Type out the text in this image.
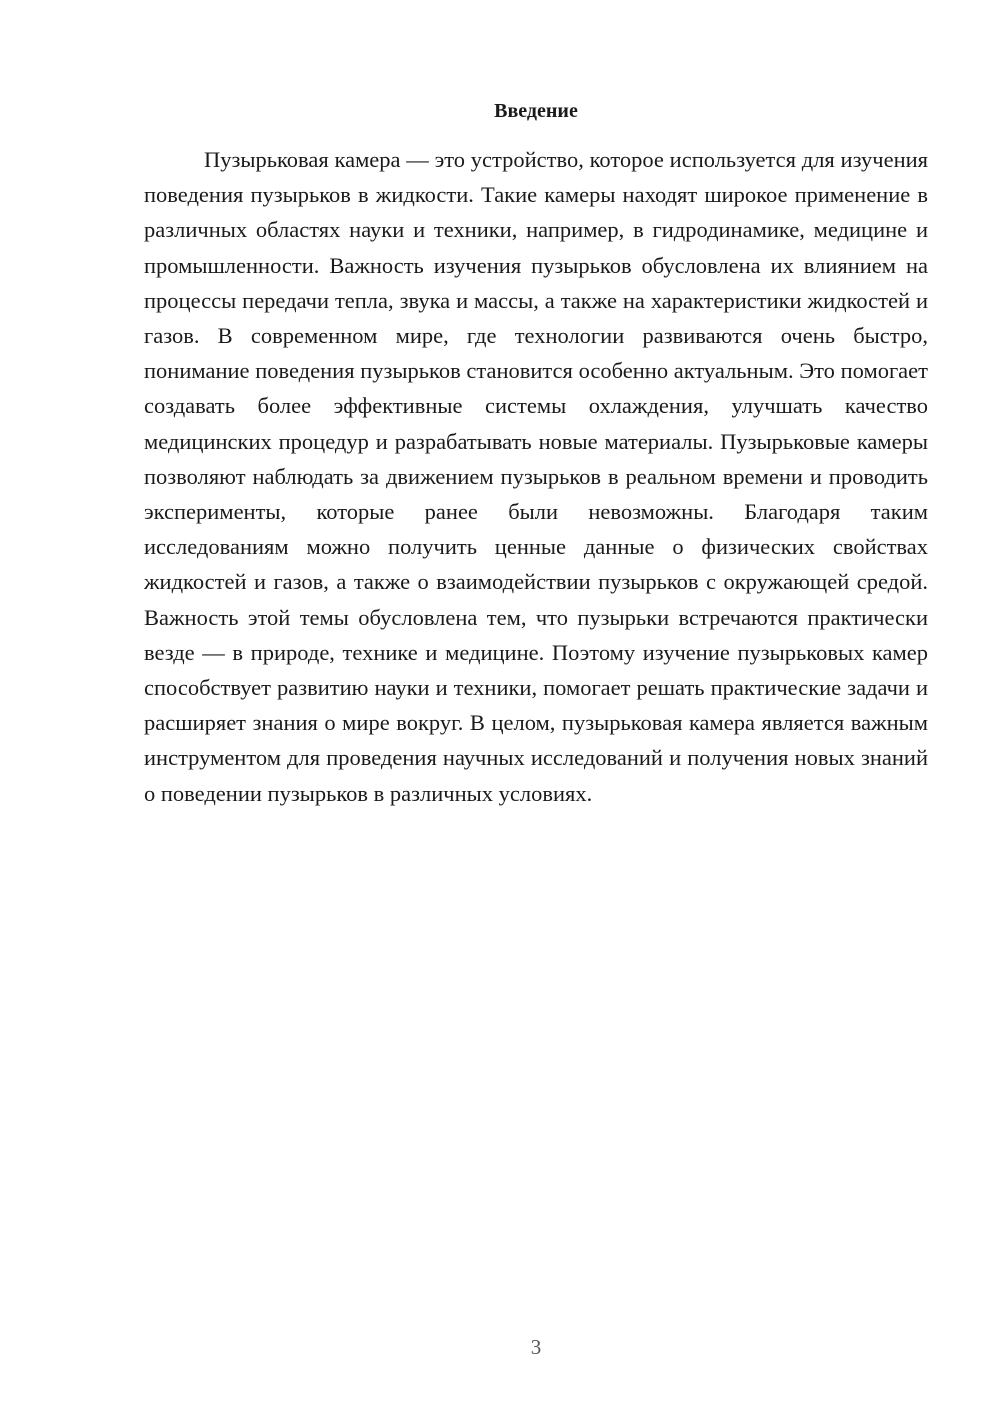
Введение

Пузырьковая камера — это устройство, которое используется для изучения поведения пузырьков в жидкости. Такие камеры находят широкое применение в различных областях науки и техники, например, в гидродинамике, медицине и промышленности. Важность изучения пузырьков обусловлена их влиянием на процессы передачи тепла, звука и массы, а также на характеристики жидкостей и газов. В современном мире, где технологии развиваются очень быстро, понимание поведения пузырьков становится особенно актуальным. Это помогает создавать более эффективные системы охлаждения, улучшать качество медицинских процедур и разрабатывать новые материалы. Пузырьковые камеры позволяют наблюдать за движением пузырьков в реальном времени и проводить эксперименты, которые ранее были невозможны. Благодаря таким исследованиям можно получить ценные данные о физических свойствах жидкостей и газов, а также о взаимодействии пузырьков с окружающей средой. Важность этой темы обусловлена тем, что пузырьки встречаются практически везде — в природе, технике и медицине. Поэтому изучение пузырьковых камер способствует развитию науки и техники, помогает решать практические задачи и расширяет знания о мире вокруг. В целом, пузырьковая камера является важным инструментом для проведения научных исследований и получения новых знаний о поведении пузырьков в различных условиях.

3
